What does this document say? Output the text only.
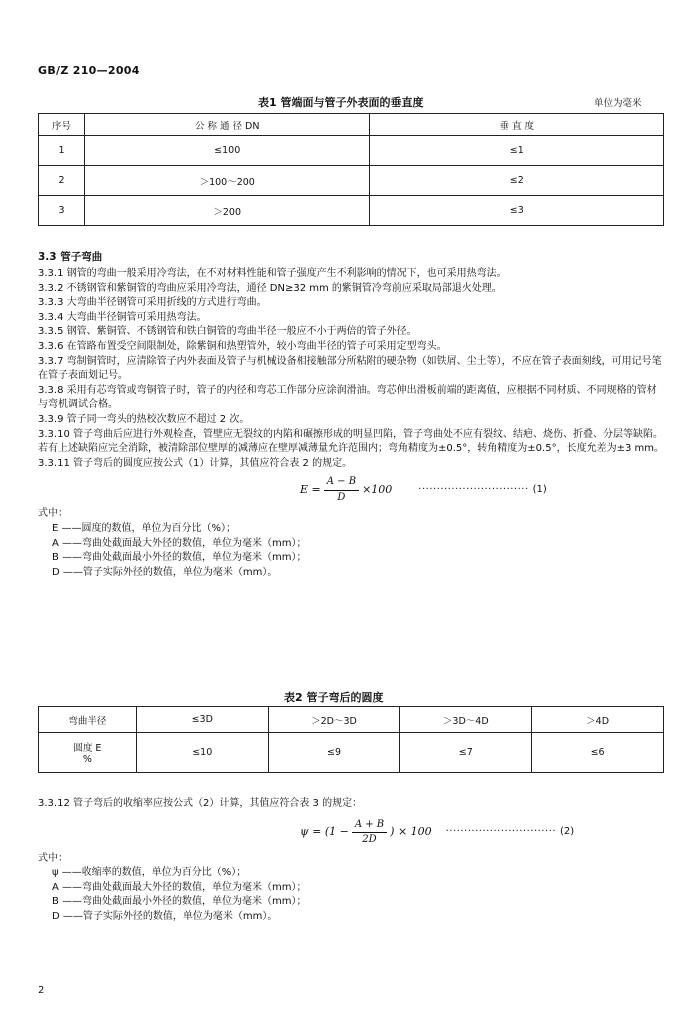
GB/Z 210—2004
表1 管端面与管子外表面的垂直度	单位为毫米
序号	公 称 通 径 DN	垂 直 度
1	≤100	≤1
2	＞100～200	≤2
3	＞200	≤3
3.3 管子弯曲

3.3.1 钢管的弯曲一般采用冷弯法，在不对材料性能和管子强度产生不利影响的情况下，也可采用热弯法。

3.3.2 不锈钢管和紫铜管的弯曲应采用冷弯法，通径 DN≥32 mm 的紫铜管冷弯前应采取局部退火处理。

3.3.3 大弯曲半径钢管可采用折线的方式进行弯曲。

3.3.4 大弯曲半径铜管可采用热弯法。

3.3.5 钢管、紫铜管、不锈钢管和铁白铜管的弯曲半径一般应不小于两倍的管子外径。

3.3.6 在管路布置受空间限制处，除紫铜和热塑管外，较小弯曲半径的管子可采用定型弯头。

3.3.7 弯制铜管时，应清除管子内外表面及管子与机械设备相接触部分所粘附的硬杂物（如铁屑、尘土等），不应在管子表面刻线，可用记号笔在管子表面划记号。

3.3.8 采用有芯弯管或弯铜管子时，管子的内径和弯芯工作部分应涂润滑油。弯芯伸出滑板前端的距离值，应根据不同材质、不同规格的管材与弯机调试合格。

3.3.9 管子同一弯头的热校次数应不超过 2 次。

3.3.10 管子弯曲后应进行外观检查，管壁应无裂纹的内陷和碾擦形成的明显凹陷，管子弯曲处不应有裂纹、结疤、烧伤、折叠、分层等缺陷。若有上述缺陷应完全消除，被清除部位壁厚的减薄应在壁厚减薄量允许范围内；弯角精度为±0.5°，转角精度为±0.5°，长度允差为±3 mm。

3.3.11 管子弯后的圆度应按公式（1）计算，其值应符合表 2 的规定。

$E = \frac{A - B}{D} \times 100$	······························ (1)

式中：

E ——圆度的数值，单位为百分比（%）；

A ——弯曲处截面最大外径的数值，单位为毫米（mm）；

B ——弯曲处截面最小外径的数值，单位为毫米（mm）；

D ——管子实际外径的数值，单位为毫米（mm）。

表2 管子弯后的圆度
弯曲半径	≤3D	＞2D～3D	＞3D～4D	＞4D

圆度 E
%	≤10	≤9	≤7	≤6

3.3.12 管子弯后的收缩率应按公式（2）计算，其值应符合表 3 的规定：

$\psi = (1 - \frac{A + B}{2D}$ ) × 100 ······························ (2)

式中：

ψ ——收缩率的数值，单位为百分比（%）；

A ——弯曲处截面最大外径的数值，单位为毫米（mm）；

B ——弯曲处截面最小外径的数值，单位为毫米（mm）；

D ——管子实际外径的数值，单位为毫米（mm）。

2
